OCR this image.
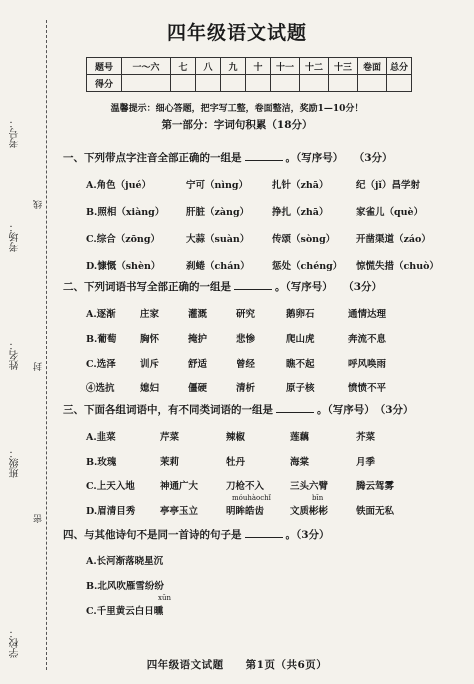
考号：
考场：
姓名：
班级：
学校：
线
封
密
四年级语文试题
题号	一～六	七	八	九	十	十一	十二	十三	卷面	总分
得分										
温馨提示：细心答题，把字写工整，卷面整洁，奖励1—10分！
第一部分：字词句积累（18分）
一、下列带点字注音全部正确的一组是	。（写序号）　　（3分）
A.角色（jué）	宁可（nìng）	扎针（zhā）	纪（jǐ）昌学射
B.照相（xiàng） 肝脏（zàng） 挣扎（zhā）	家雀儿（què）
C.综合（zōng）	大蒜（suàn） 传颂（sòng） 开凿渠道（záo）
D.慷慨（shèn）	刹蜷（chán） 惩处（chéng） 惊慌失措（chuò）
二、下列词语书写全部正确的一组是	。（写序号）　　（3分）
A.逐渐	庄家	灌溉	研究	鹅卵石	通情达理
B.葡萄 胸怀	掩护	悲惨	爬山虎	奔流不息
C.选泽	训斥	舒适	曾经	瞧不起	呼风唤雨
④选抗	媳妇	僵硬	清析	原子核	愤愤不平
三、下面各组词语中，有不同类词语的一组是	。（写序号）　（3分）
A.韭菜	芹菜	辣椒	莲藕	芥菜
B.玫瑰	茉莉	牡丹	海棠	月季
C.上天入地	神通广大	刀枪不入	三头六臂	腾云驾雾
móuhàochǐ	bīn
D.眉清目秀	亭亭玉立	明眸皓齿	文质彬彬	铁面无私
四、与其他诗句不是同一首诗的句子是	。（3分）
A.长河渐落晓星沉
B.北风吹雁雪纷纷
xūn
C.千里黄云白日曛
四年级语文试题　　第1页（共6页）
